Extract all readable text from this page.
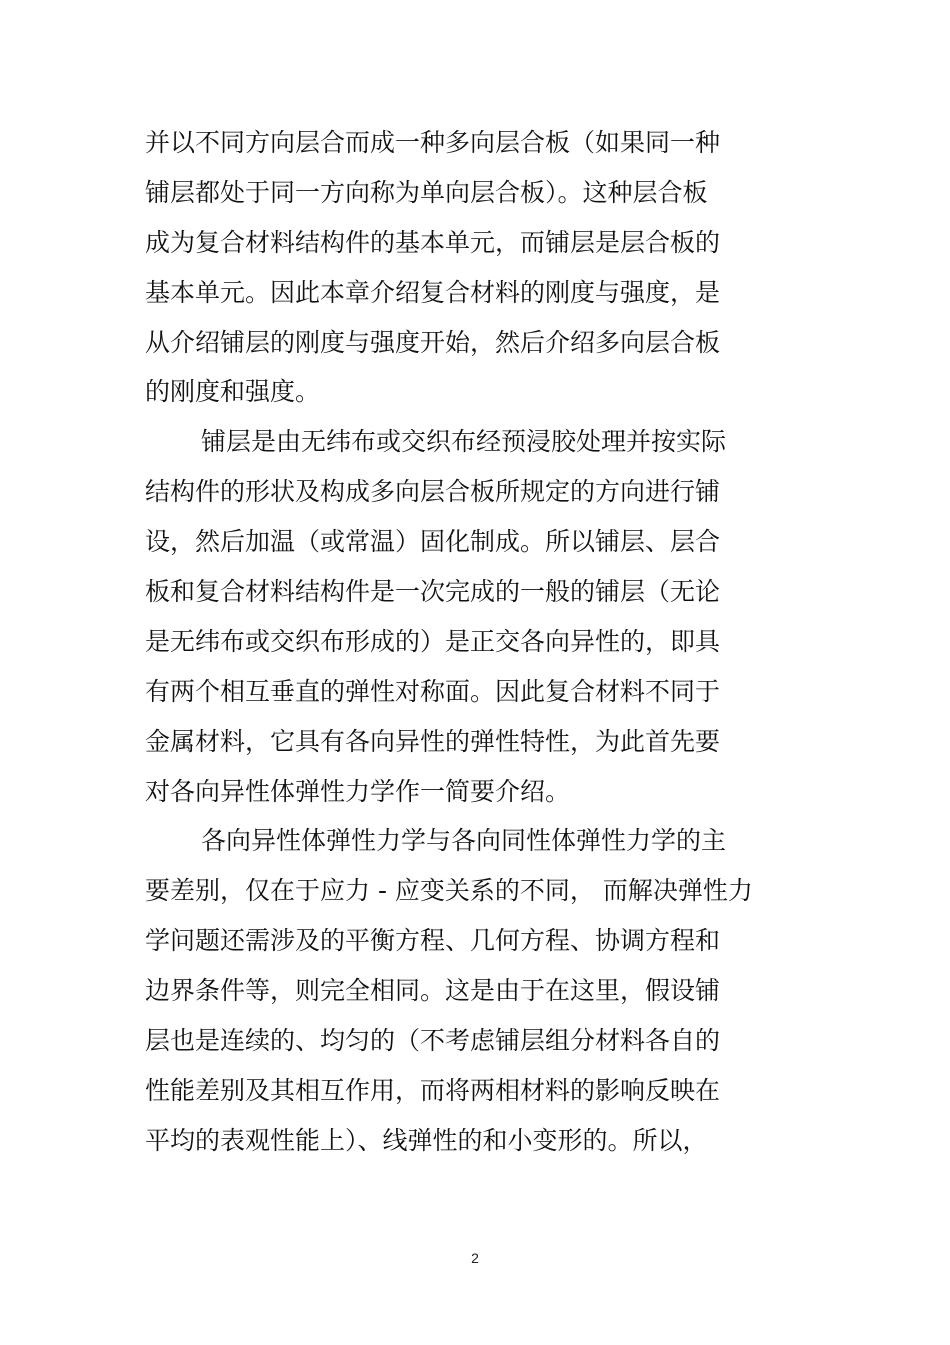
并以不同方向层合而成一种多向层合板（如果同一种
铺层都处于同一方向称为单向层合板）。这种层合板
成为复合材料结构件的基本单元，而铺层是层合板的
基本单元。因此本章介绍复合材料的刚度与强度，是
从介绍铺层的刚度与强度开始，然后介绍多向层合板
的刚度和强度。
铺层是由无纬布或交织布经预浸胶处理并按实际
结构件的形状及构成多向层合板所规定的方向进行铺
设，然后加温（或常温）固化制成。所以铺层、层合
板和复合材料结构件是一次完成的一般的铺层（无论
是无纬布或交织布形成的）是正交各向异性的，即具
有两个相互垂直的弹性对称面。因此复合材料不同于
金属材料，它具有各向异性的弹性特性，为此首先要
对各向异性体弹性力学作一简要介绍。
各向异性体弹性力学与各向同性体弹性力学的主
要差别，仅在于应力 - 应变关系的不同， 而解决弹性力
学问题还需涉及的平衡方程、几何方程、协调方程和
边界条件等，则完全相同。这是由于在这里，假设铺
层也是连续的、均匀的（不考虑铺层组分材料各自的
性能差别及其相互作用，而将两相材料的影响反映在
平均的表观性能上）、线弹性的和小变形的。所以，
2
